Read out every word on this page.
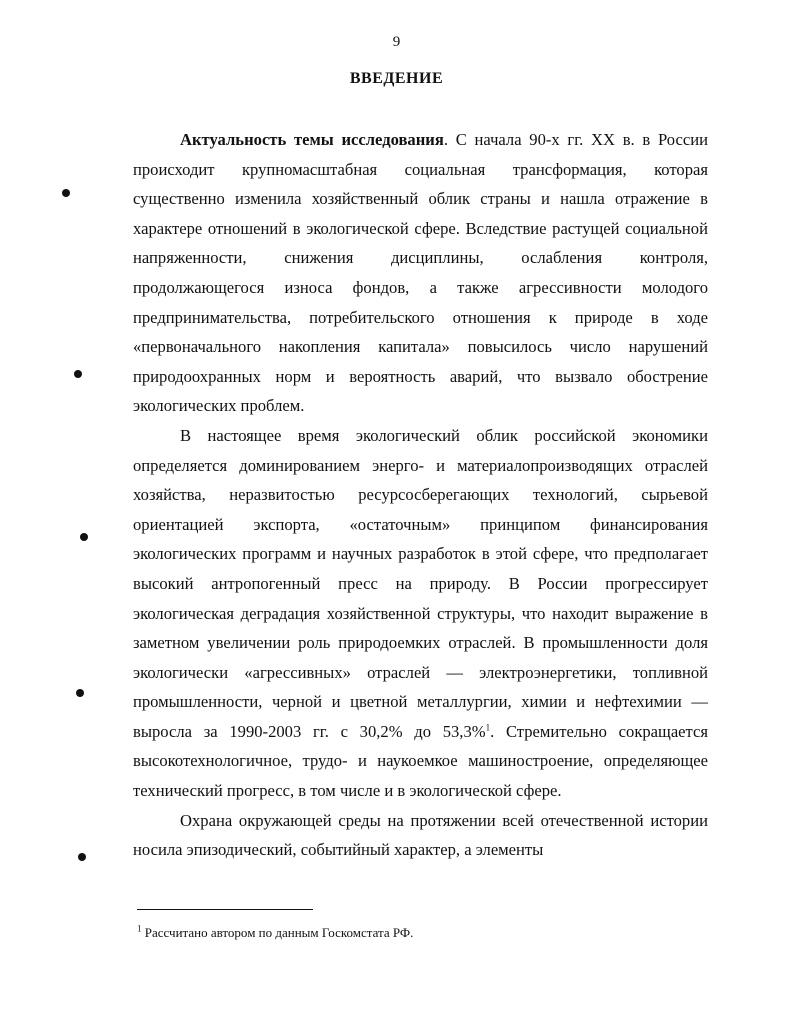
9
ВВЕДЕНИЕ

Актуальность темы исследования. С начала 90-х гг. XX в. в России происходит крупномасштабная социальная трансформация, которая существенно изменила хозяйственный облик страны и нашла отражение в характере отношений в экологической сфере. Вследствие растущей социальной напряженности, снижения дисциплины, ослабления контроля, продолжающегося износа фондов, а также агрессивности молодого предпринимательства, потребительского отношения к природе в ходе «первоначального накопления капитала» повысилось число нарушений природоохранных норм и вероятность аварий, что вызвало обострение экологических проблем.

В настоящее время экологический облик российской экономики определяется доминированием энерго- и материалопроизводящих отраслей хозяйства, неразвитостью ресурсосберегающих технологий, сырьевой ориентацией экспорта, «остаточным» принципом финансирования экологических программ и научных разработок в этой сфере, что предполагает высокий антропогенный пресс на природу. В России прогрессирует экологическая деградация хозяйственной структуры, что находит выражение в заметном увеличении роль природоемких отраслей. В промышленности доля экологически «агрессивных» отраслей — электроэнергетики, топливной промышленности, черной и цветной металлургии, химии и нефтехимии — выросла за 1990-2003 гг. с 30,2% до 53,3%$^1$. Стремительно сокращается высокотехнологичное, трудо- и наукоемкое машиностроение, определяющее технический прогресс, в том числе и в экологической сфере.

Охрана окружающей среды на протяжении всей отечественной истории носила эпизодический, событийный характер, а элементы

$^1$ Рассчитано автором по данным Госкомстата РФ.
